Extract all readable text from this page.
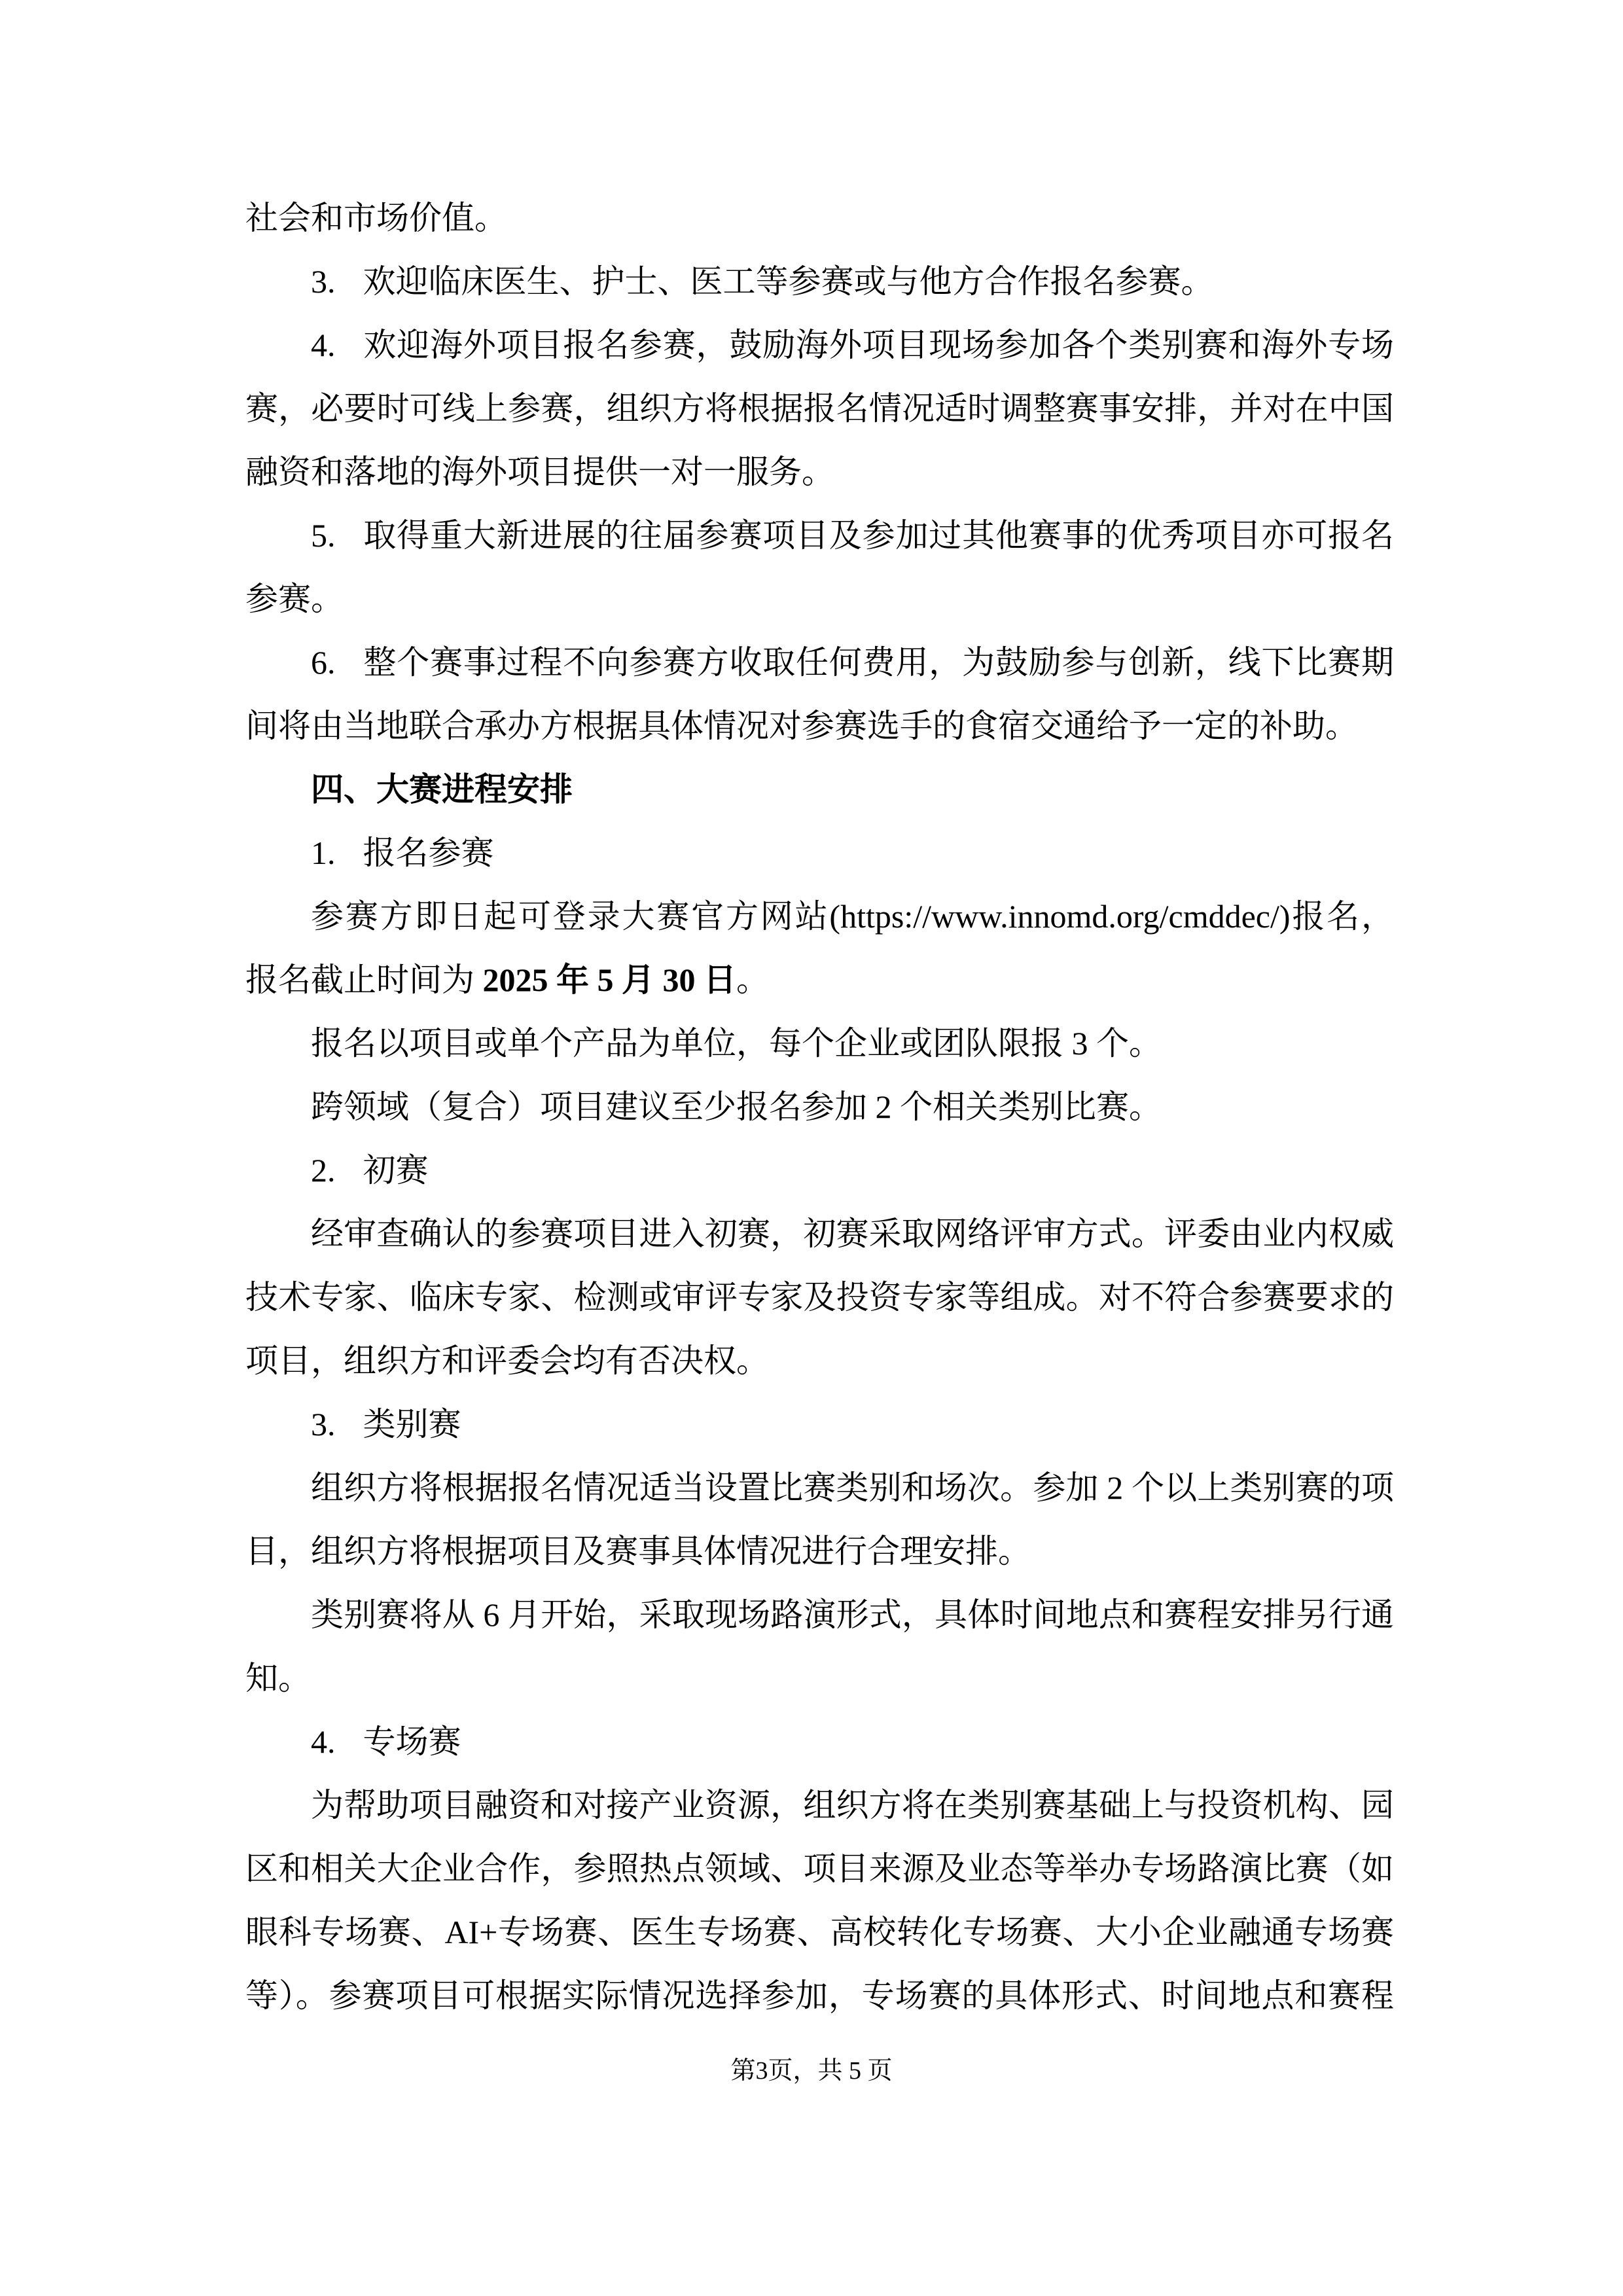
社会和市场价值。
3. 欢迎临床医生、护士、医工等参赛或与他方合作报名参赛。
4. 欢迎海外项目报名参赛，鼓励海外项目现场参加各个类别赛和海外专场
赛，必要时可线上参赛，组织方将根据报名情况适时调整赛事安排，并对在中国
融资和落地的海外项目提供一对一服务。
5. 取得重大新进展的往届参赛项目及参加过其他赛事的优秀项目亦可报名
参赛。
6. 整个赛事过程不向参赛方收取任何费用，为鼓励参与创新，线下比赛期
间将由当地联合承办方根据具体情况对参赛选手的食宿交通给予一定的补助。
四、大赛进程安排
1. 报名参赛
参赛方即日起可登录大赛官方网站(https://www.innomd.org/cmddec/)报名，
报名截止时间为 2025 年 5 月 30 日。
报名以项目或单个产品为单位，每个企业或团队限报 3 个。
跨领域（复合）项目建议至少报名参加 2 个相关类别比赛。
2. 初赛
经审查确认的参赛项目进入初赛，初赛采取网络评审方式。评委由业内权威
技术专家、临床专家、检测或审评专家及投资专家等组成。对不符合参赛要求的
项目，组织方和评委会均有否决权。
3. 类别赛
组织方将根据报名情况适当设置比赛类别和场次。参加 2 个以上类别赛的项
目，组织方将根据项目及赛事具体情况进行合理安排。
类别赛将从 6 月开始，采取现场路演形式，具体时间地点和赛程安排另行通
知。
4. 专场赛
为帮助项目融资和对接产业资源，组织方将在类别赛基础上与投资机构、园
区和相关大企业合作，参照热点领域、项目来源及业态等举办专场路演比赛（如
眼科专场赛、AI+专场赛、医生专场赛、高校转化专场赛、大小企业融通专场赛
等）。参赛项目可根据实际情况选择参加，专场赛的具体形式、时间地点和赛程
第3页，共 5 页
